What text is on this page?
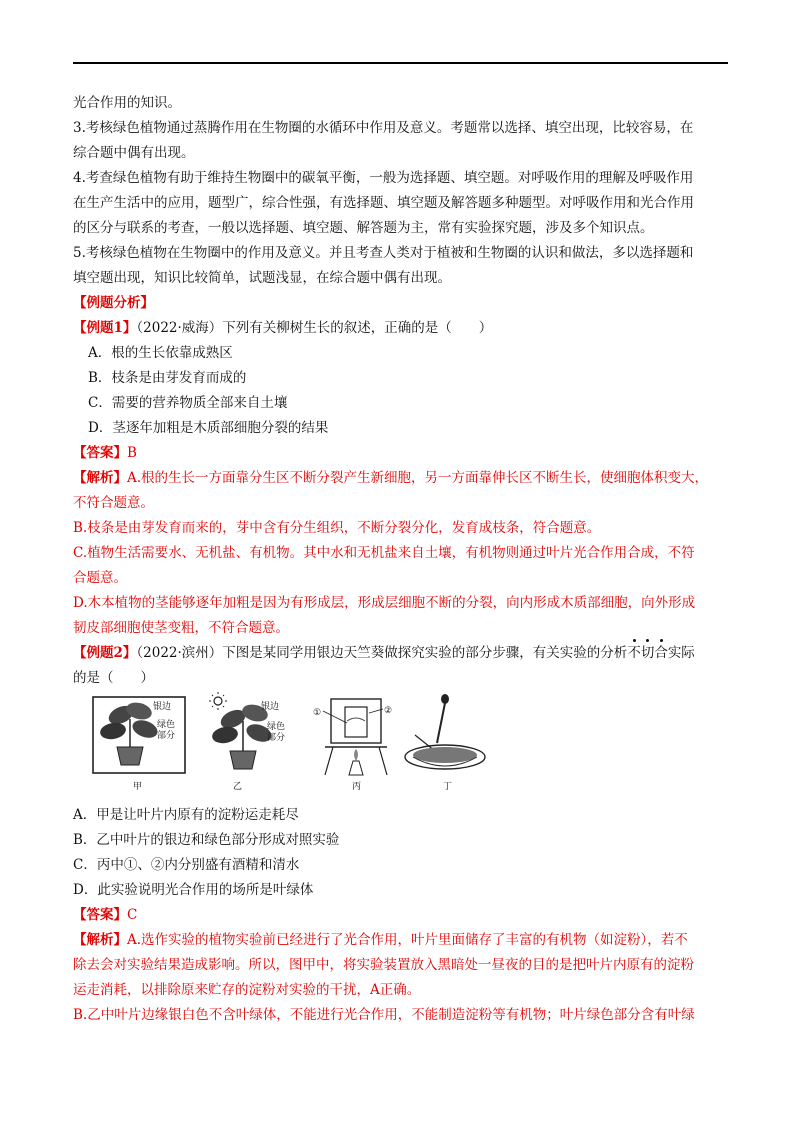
光合作用的知识。
3.考核绿色植物通过蒸腾作用在生物圈的水循环中作用及意义。考题常以选择、填空出现，比较容易，在
综合题中偶有出现。
4.考查绿色植物有助于维持生物圈中的碳氧平衡，一般为选择题、填空题。对呼吸作用的理解及呼吸作用
在生产生活中的应用，题型广，综合性强，有选择题、填空题及解答题多种题型。对呼吸作用和光合作用
的区分与联系的考查，一般以选择题、填空题、解答题为主，常有实验探究题，涉及多个知识点。
5.考核绿色植物在生物圈中的作用及意义。并且考查人类对于植被和生物圈的认识和做法，多以选择题和
填空题出现，知识比较简单，试题浅显，在综合题中偶有出现。
【例题分析】
【例题1】（2022·威海）下列有关柳树生长的叙述，正确的是（　　）
A．根的生长依靠成熟区
B．枝条是由芽发育而成的
C．需要的营养物质全部来自土壤
D．茎逐年加粗是木质部细胞分裂的结果
【答案】B
【解析】A.根的生长一方面靠分生区不断分裂产生新细胞，另一方面靠伸长区不断生长，使细胞体积变大，
不符合题意。
B.枝条是由芽发育而来的，芽中含有分生组织，不断分裂分化，发育成枝条，符合题意。
C.植物生活需要水、无机盐、有机物。其中水和无机盐来自土壤，有机物则通过叶片光合作用合成，不符
合题意。
D.木本植物的茎能够逐年加粗是因为有形成层，形成层细胞不断的分裂，向内形成木质部细胞，向外形成
韧皮部细胞使茎变粗，不符合题意。
【例题2】（2022·滨州）下图是某同学用银边天竺葵做探究实验的部分步骤，有关实验的分析不切合实际
的是（　　）
银边
绿色
部分
甲
银边
绿色
部分
乙
①	②
丙	丁
A．甲是让叶片内原有的淀粉运走耗尽
B．乙中叶片的银边和绿色部分形成对照实验
C．丙中①、②内分别盛有酒精和清水
D．此实验说明光合作用的场所是叶绿体
【答案】C
【解析】A.选作实验的植物实验前已经进行了光合作用，叶片里面储存了丰富的有机物（如淀粉），若不
除去会对实验结果造成影响。所以，图甲中，将实验装置放入黑暗处一昼夜的目的是把叶片内原有的淀粉
运走消耗，以排除原来贮存的淀粉对实验的干扰，A正确。
B.乙中叶片边缘银白色不含叶绿体，不能进行光合作用，不能制造淀粉等有机物；叶片绿色部分含有叶绿
